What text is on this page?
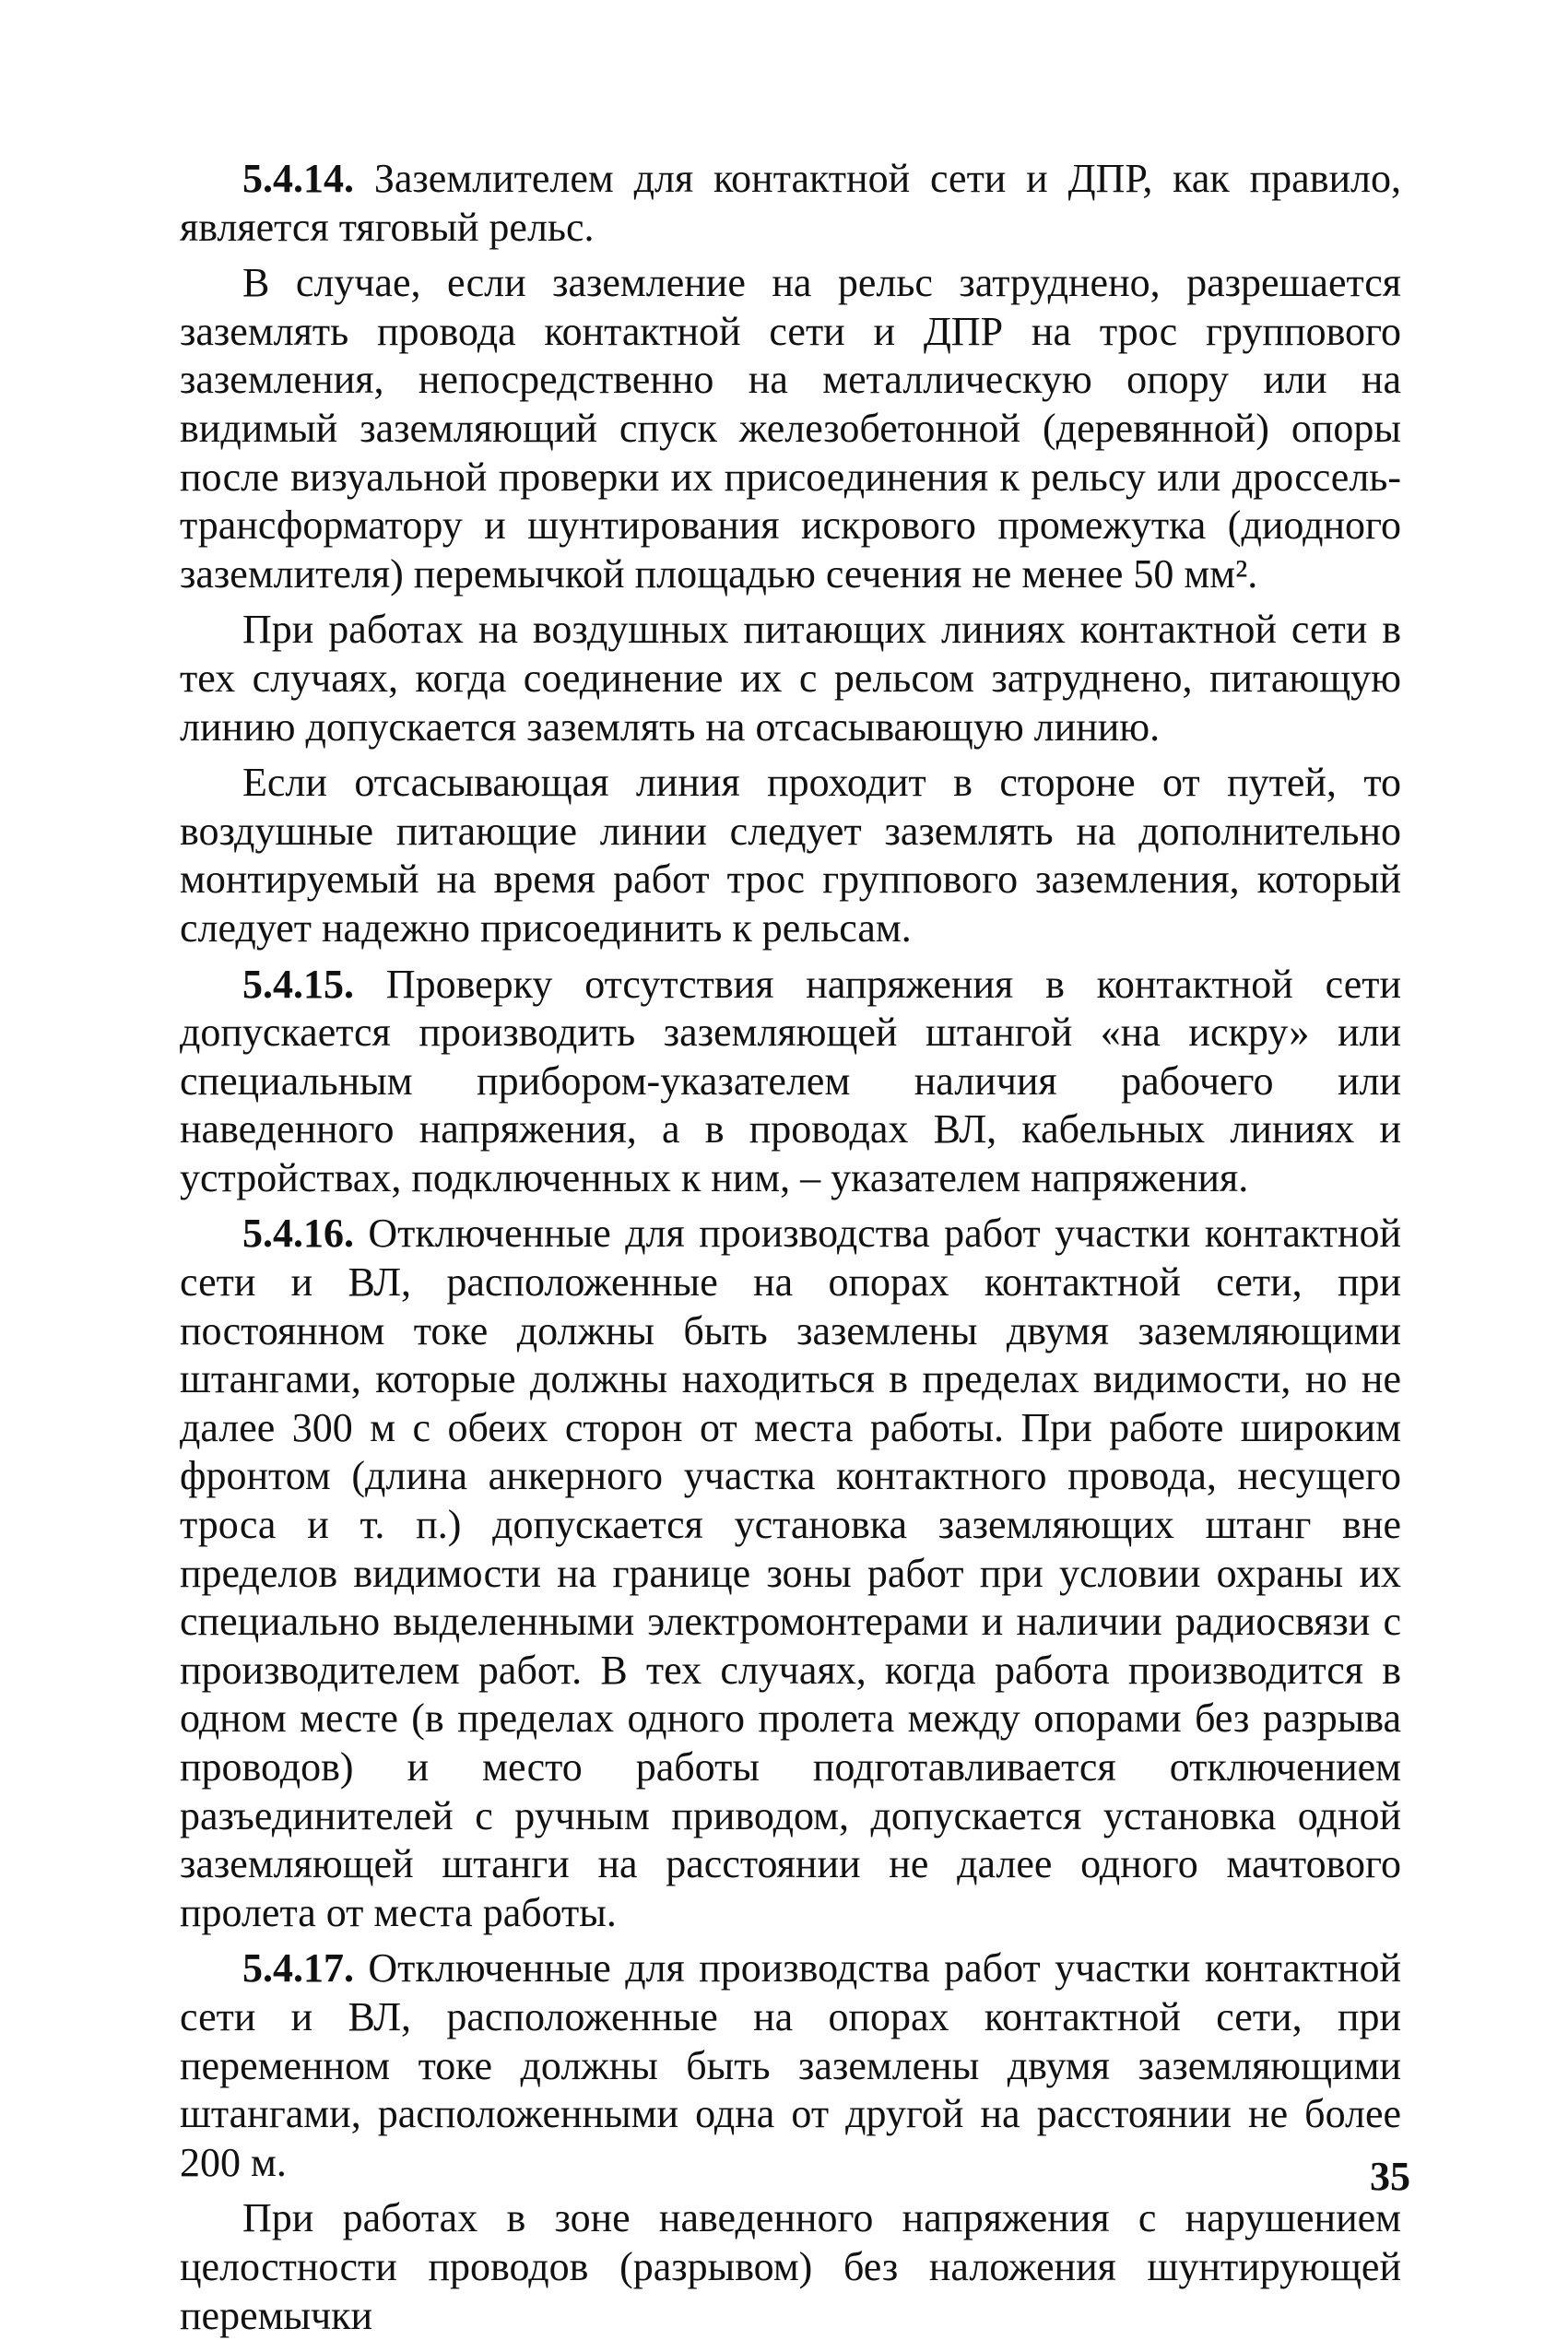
5.4.14. Заземлителем для контактной сети и ДПР, как правило, является тяговый рельс.

В случае, если заземление на рельс затруднено, разрешается заземлять провода контактной сети и ДПР на трос группового заземления, непосредственно на металлическую опору или на видимый заземляющий спуск железобетонной (деревянной) опоры после визуальной проверки их присоединения к рельсу или дроссель-трансформатору и шунтирования искрового промежутка (диодного заземлителя) перемычкой площадью сечения не менее 50 мм².

При работах на воздушных питающих линиях контактной сети в тех случаях, когда соединение их с рельсом затруднено, питающую линию допускается заземлять на отсасывающую линию.

Если отсасывающая линия проходит в стороне от путей, то воздушные питающие линии следует заземлять на дополнительно монтируемый на время работ трос группового заземления, который следует надежно присоединить к рельсам.

5.4.15. Проверку отсутствия напряжения в контактной сети допускается производить заземляющей штангой «на искру» или специальным прибором-указателем наличия рабочего или наведенного напряжения, а в проводах ВЛ, кабельных линиях и устройствах, подключенных к ним, – указателем напряжения.

5.4.16. Отключенные для производства работ участки контактной сети и ВЛ, расположенные на опорах контактной сети, при постоянном токе должны быть заземлены двумя заземляющими штангами, которые должны находиться в пределах видимости, но не далее 300 м с обеих сторон от места работы. При работе широким фронтом (длина анкерного участка контактного провода, несущего троса и т. п.) допускается установка заземляющих штанг вне пределов видимости на границе зоны работ при условии охраны их специально выделенными электромонтерами и наличии радиосвязи с производителем работ. В тех случаях, когда работа производится в одном месте (в пределах одного пролета между опорами без разрыва проводов) и место работы подготавливается отключением разъединителей с ручным приводом, допускается установка одной заземляющей штанги на расстоянии не далее одного мачтового пролета от места работы.

5.4.17. Отключенные для производства работ участки контактной сети и ВЛ, расположенные на опорах контактной сети, при переменном токе должны быть заземлены двумя заземляющими штангами, расположенными одна от другой на расстоянии не более 200 м.

При работах в зоне наведенного напряжения с нарушением целостности проводов (разрывом) без наложения шунтирующей перемычки

35
